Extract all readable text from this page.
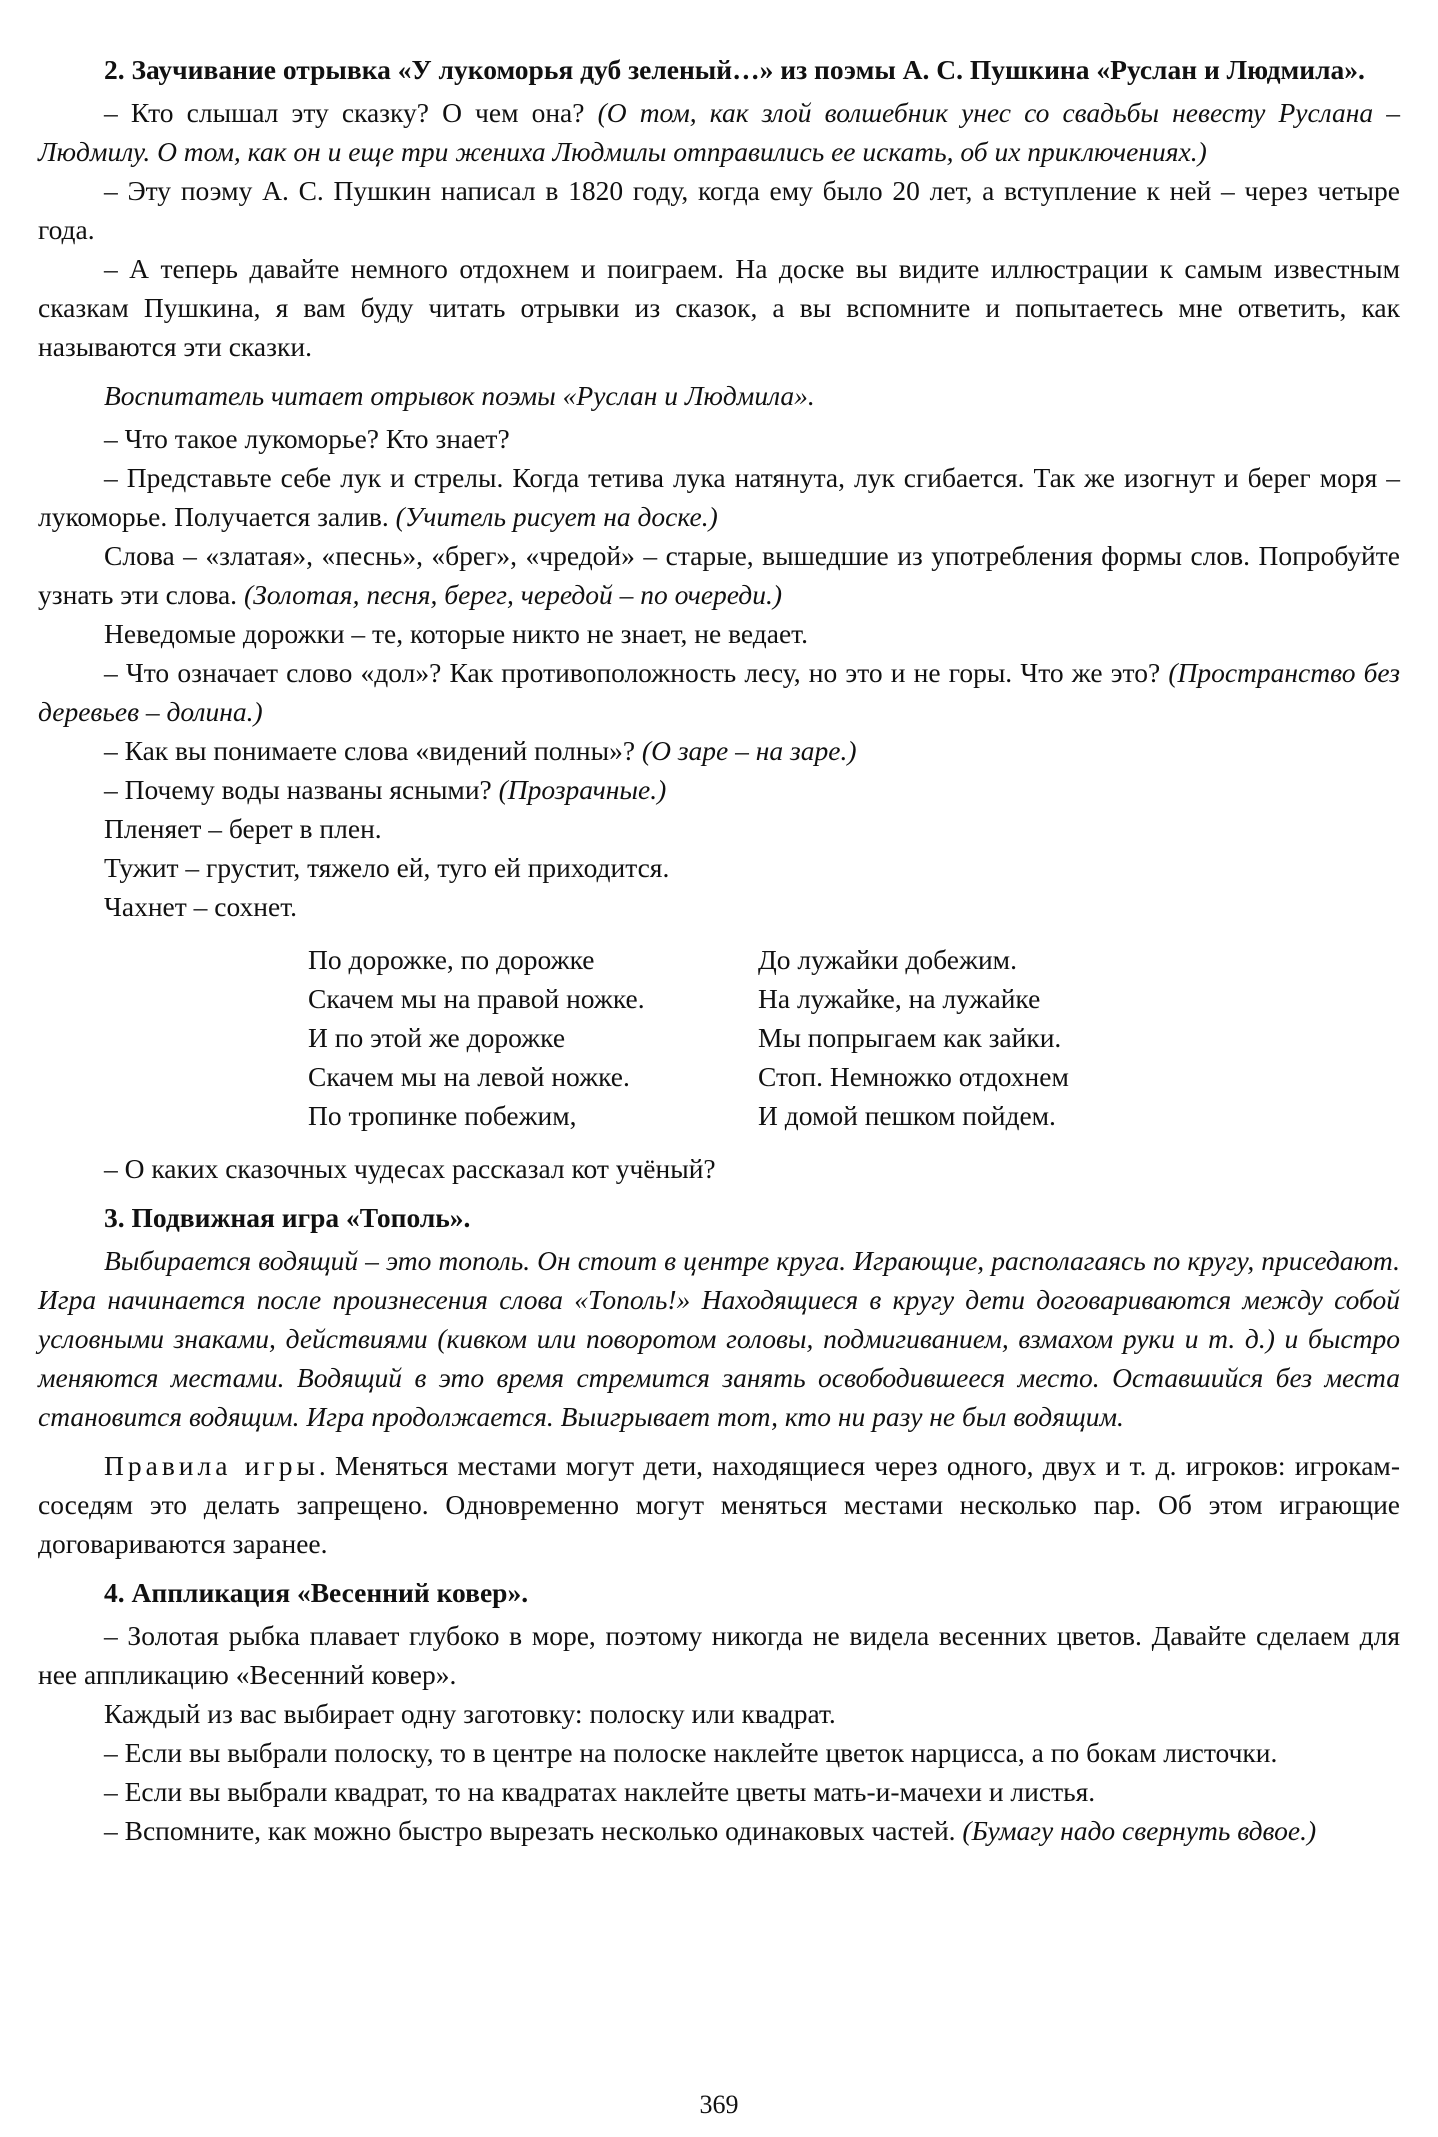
2. Заучивание отрывка «У лукоморья дуб зеленый…» из поэмы А. С. Пушкина «Руслан и Людмила».

– Кто слышал эту сказку? О чем она? (О том, как злой волшебник унес со свадьбы невесту Руслана – Людмилу. О том, как он и еще три жениха Людмилы отправились ее искать, об их приключениях.)

– Эту поэму А. С. Пушкин написал в 1820 году, когда ему было 20 лет, а вступление к ней – через четыре года.

– А теперь давайте немного отдохнем и поиграем. На доске вы видите иллюстрации к самым известным сказкам Пушкина, я вам буду читать отрывки из сказок, а вы вспомните и попытаетесь мне ответить, как называются эти сказки.

Воспитатель читает отрывок поэмы «Руслан и Людмила».

– Что такое лукоморье? Кто знает?

– Представьте себе лук и стрелы. Когда тетива лука натянута, лук сгибается. Так же изогнут и берег моря – лукоморье. Получается залив. (Учитель рисует на доске.)

Слова – «златая», «песнь», «брег», «чредой» – старые, вышедшие из употребления формы слов. Попробуйте узнать эти слова. (Золотая, песня, берег, чередой – по очереди.)

Неведомые дорожки – те, которые никто не знает, не ведает.

– Что означает слово «дол»? Как противоположность лесу, но это и не горы. Что же это? (Пространство без деревьев – долина.)

– Как вы понимаете слова «видений полны»? (О заре – на заре.)

– Почему воды названы ясными? (Прозрачные.)

Пленяет – берет в плен.

Тужит – грустит, тяжело ей, туго ей приходится.

Чахнет – сохнет.

По дорожке, по дорожке
Скачем мы на правой ножке.
И по этой же дорожке
Скачем мы на левой ножке.
По тропинке побежим,
До лужайки добежим.
На лужайке, на лужайке
Мы попрыгаем как зайки.
Стоп. Немножко отдохнем
И домой пешком пойдем.

– О каких сказочных чудесах рассказал кот учёный?

3. Подвижная игра «Тополь».

Выбирается водящий – это тополь. Он стоит в центре круга. Играющие, располагаясь по кругу, приседают. Игра начинается после произнесения слова «Тополь!» Находящиеся в кругу дети договариваются между собой условными знаками, действиями (кивком или поворотом головы, подмигиванием, взмахом руки и т. д.) и быстро меняются местами. Водящий в это время стремится занять освободившееся место. Оставшийся без места становится водящим. Игра продолжается. Выигрывает тот, кто ни разу не был водящим.

Правила игры. Меняться местами могут дети, находящиеся через одного, двух и т. д. игроков: игрокам-соседям это делать запрещено. Одновременно могут меняться местами несколько пар. Об этом играющие договариваются заранее.

4. Аппликация «Весенний ковер».

– Золотая рыбка плавает глубоко в море, поэтому никогда не видела весенних цветов. Давайте сделаем для нее аппликацию «Весенний ковер».

Каждый из вас выбирает одну заготовку: полоску или квадрат.

– Если вы выбрали полоску, то в центре на полоске наклейте цветок нарцисса, а по бокам листочки.

– Если вы выбрали квадрат, то на квадратах наклейте цветы мать-и-мачехи и листья.

– Вспомните, как можно быстро вырезать несколько одинаковых частей. (Бумагу надо свернуть вдвое.)

369
